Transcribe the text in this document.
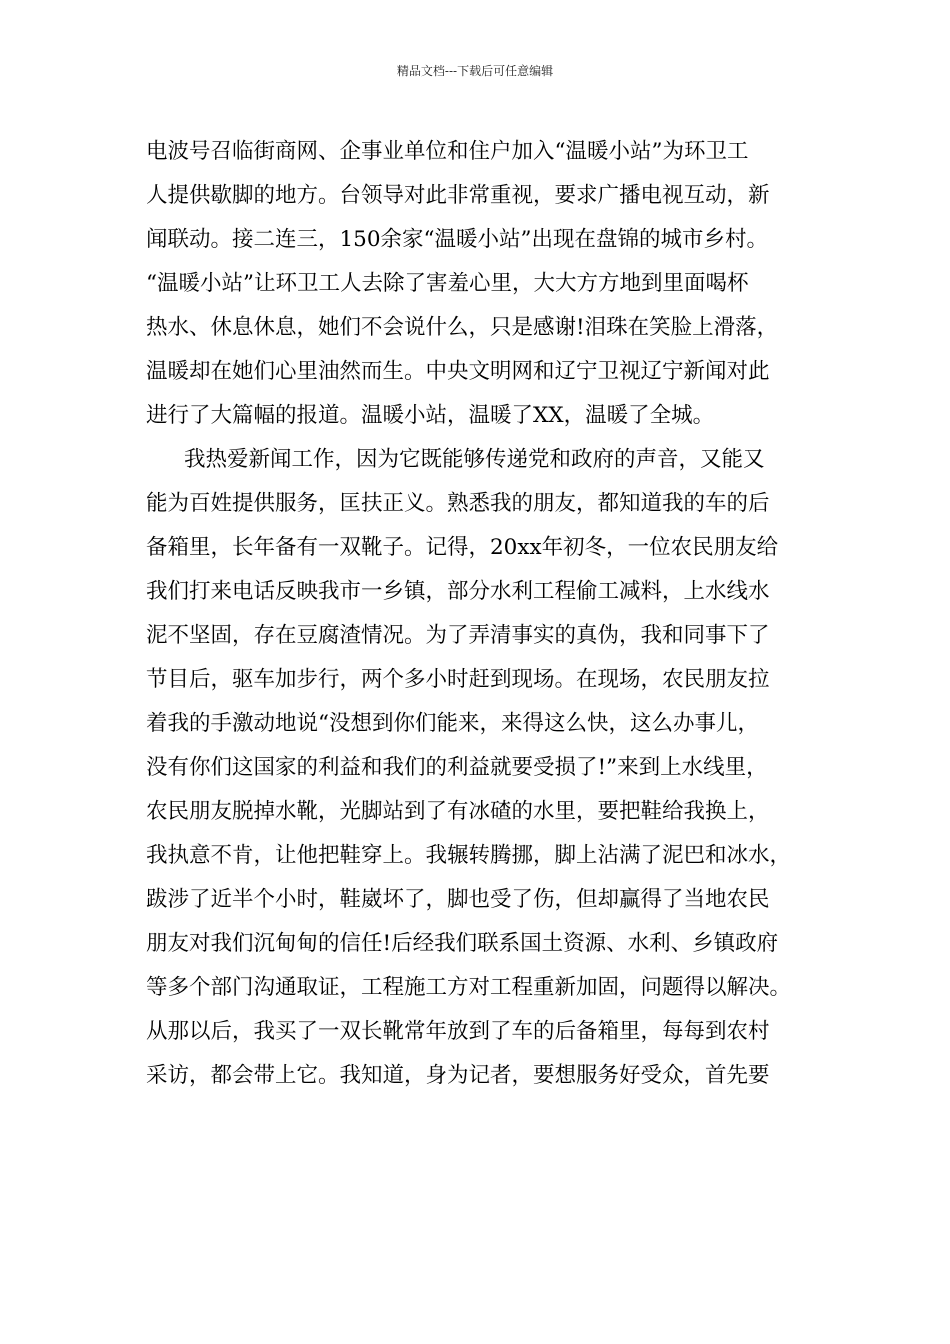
精品文档---下载后可任意编辑
电波号召临街商网、企事业单位和住户加入“温暖小站”为环卫工
人提供歇脚的地方。台领导对此非常重视，要求广播电视互动，新
闻联动。接二连三，150余家“温暖小站”出现在盘锦的城市乡村。
“温暖小站”让环卫工人去除了害羞心里，大大方方地到里面喝杯
热水、休息休息，她们不会说什么，只是感谢!泪珠在笑脸上滑落，
温暖却在她们心里油然而生。中央文明网和辽宁卫视辽宁新闻对此
进行了大篇幅的报道。温暖小站，温暖了XX，温暖了全城。
我热爱新闻工作，因为它既能够传递党和政府的声音，又能又
能为百姓提供服务，匡扶正义。熟悉我的朋友，都知道我的车的后
备箱里，长年备有一双靴子。记得，20xx年初冬，一位农民朋友给
我们打来电话反映我市一乡镇，部分水利工程偷工减料，上水线水
泥不坚固，存在豆腐渣情况。为了弄清事实的真伪，我和同事下了
节目后，驱车加步行，两个多小时赶到现场。在现场，农民朋友拉
着我的手激动地说“没想到你们能来，来得这么快，这么办事儿，
没有你们这国家的利益和我们的利益就要受损了!”来到上水线里，
农民朋友脱掉水靴，光脚站到了有冰碴的水里，要把鞋给我换上，
我执意不肯，让他把鞋穿上。我辗转腾挪，脚上沾满了泥巴和冰水，
跋涉了近半个小时，鞋崴坏了，脚也受了伤，但却赢得了当地农民
朋友对我们沉甸甸的信任!后经我们联系国土资源、水利、乡镇政府
等多个部门沟通取证，工程施工方对工程重新加固，问题得以解决。
从那以后，我买了一双长靴常年放到了车的后备箱里，每每到农村
采访，都会带上它。我知道，身为记者，要想服务好受众，首先要
